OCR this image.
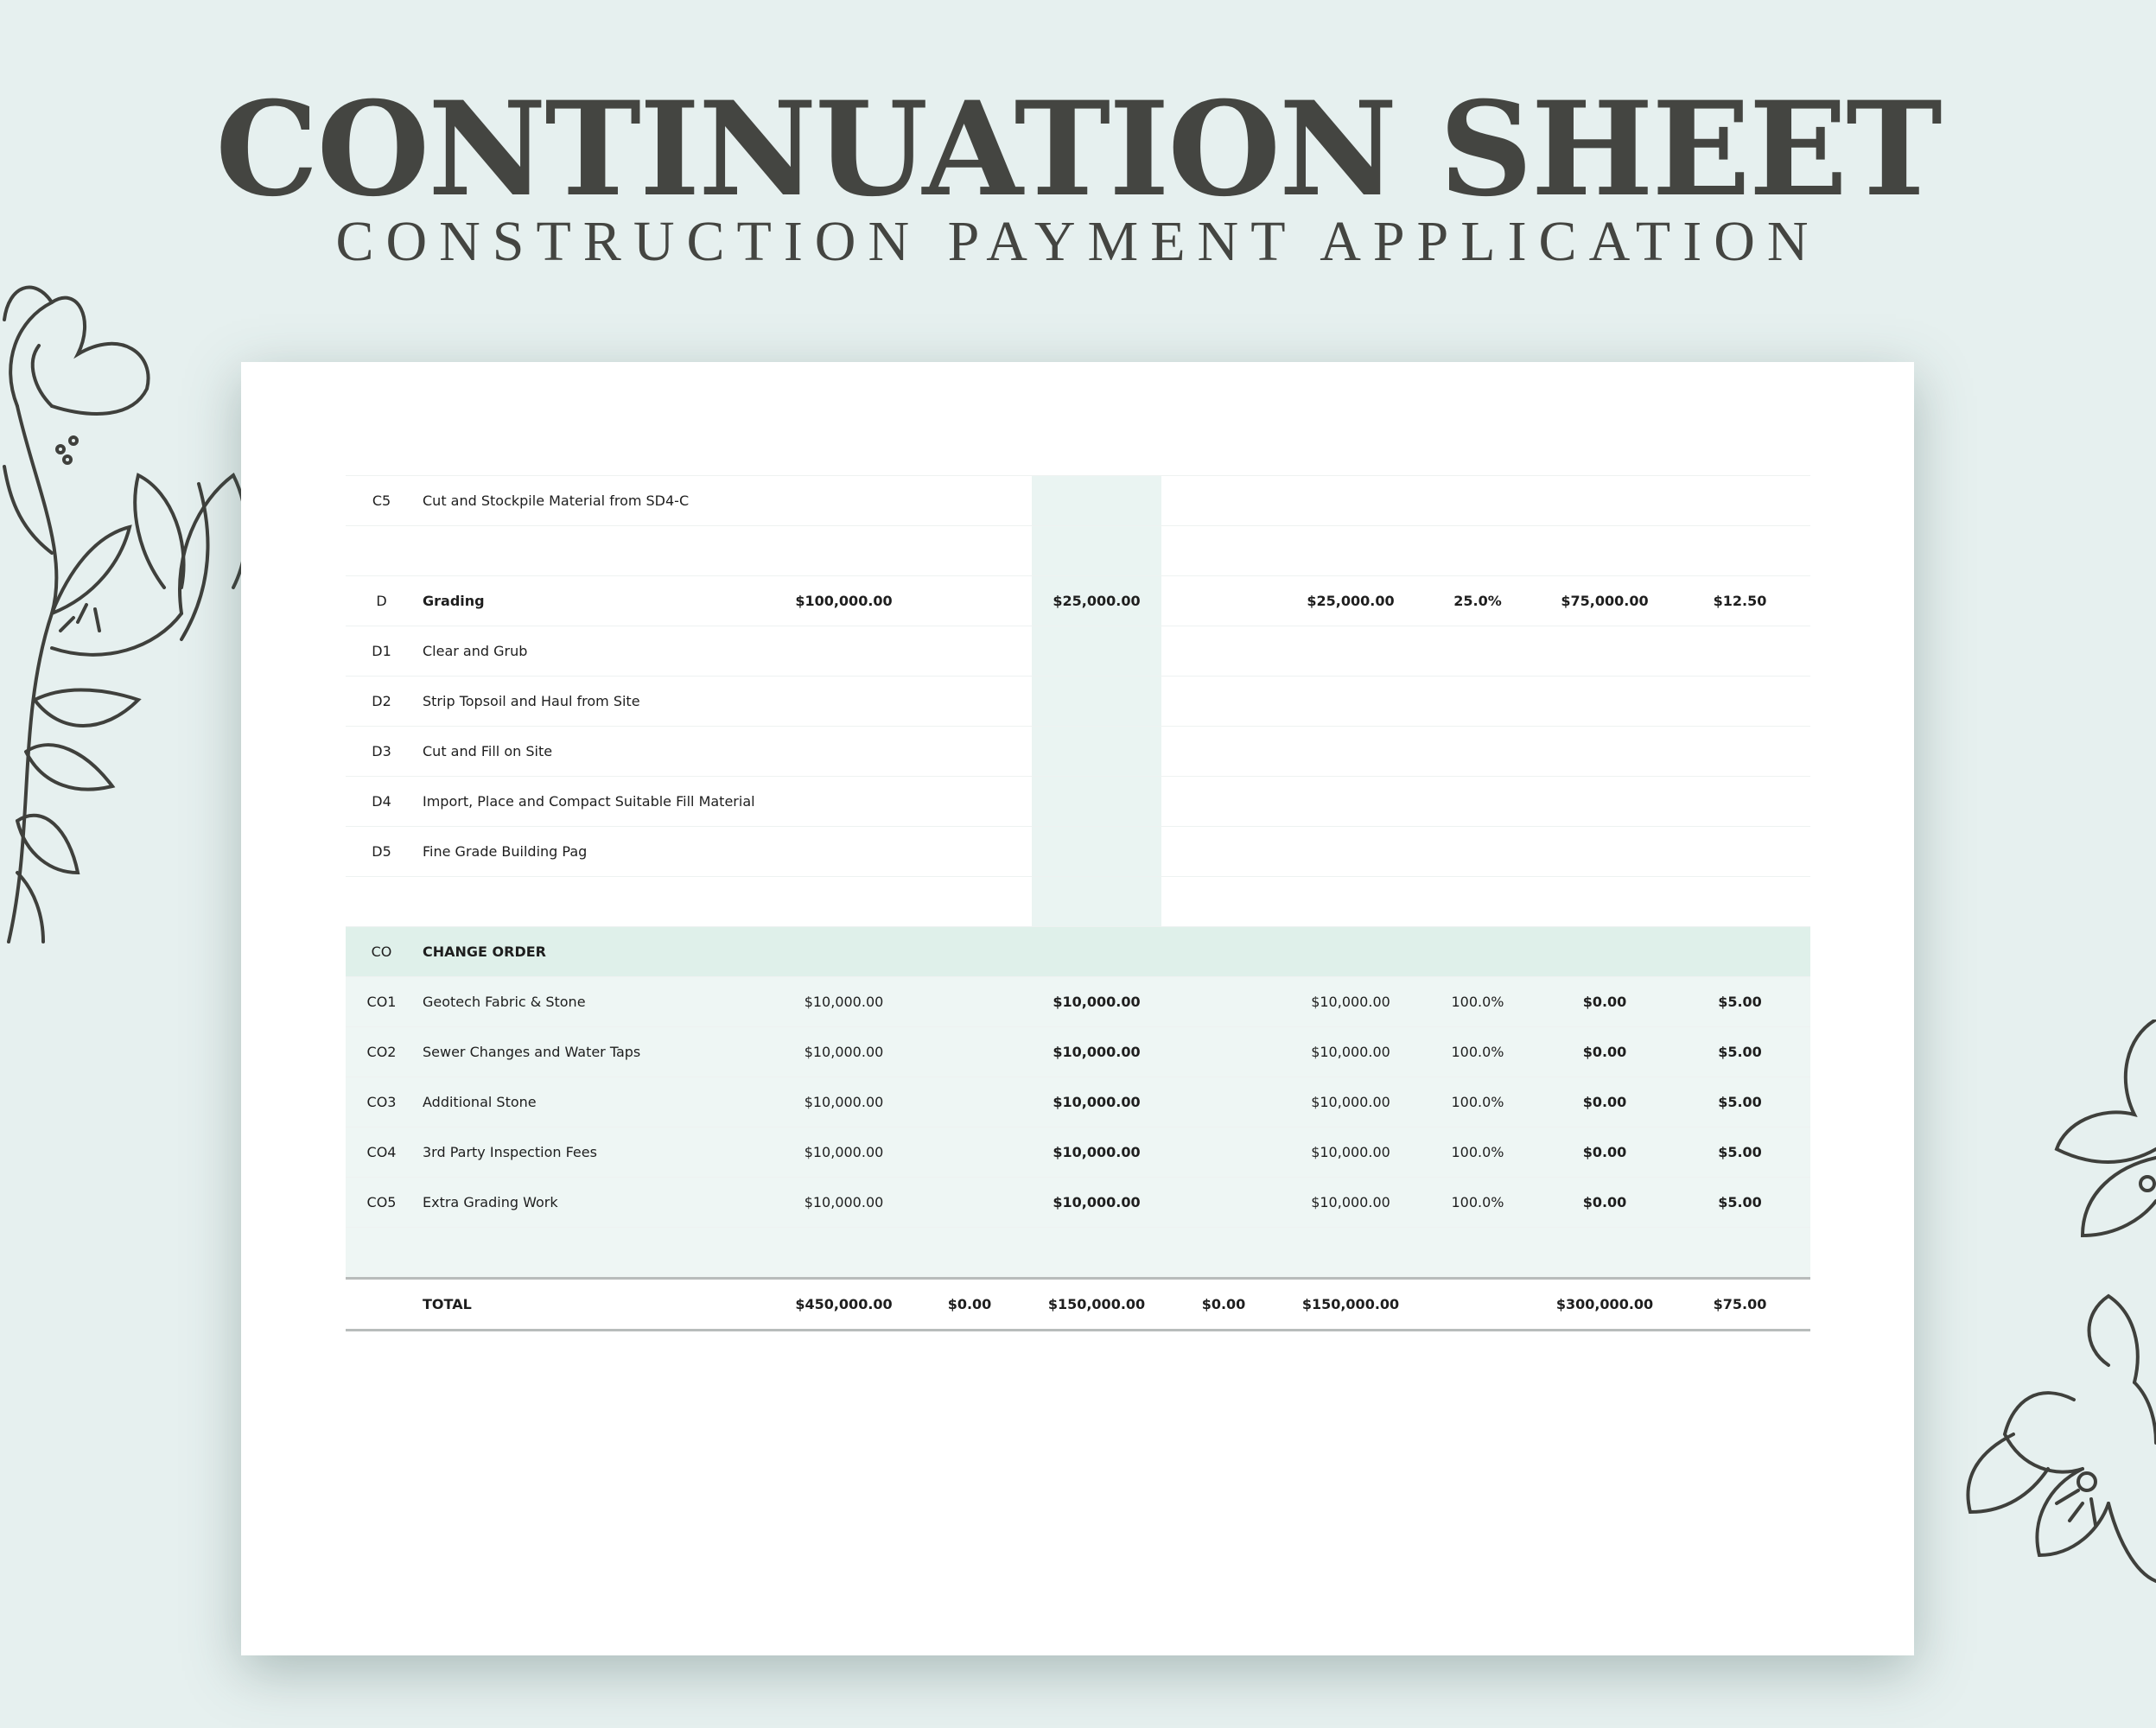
CONTINUATION SHEET
CONSTRUCTION PAYMENT APPLICATION
C5	Cut and Stockpile Material from SD4-C								

D	Grading	$100,000.00		$25,000.00		$25,000.00	25.0%	$75,000.00	$12.50
D1	Clear and Grub								
D2	Strip Topsoil and Haul from Site								
D3	Cut and Fill on Site								
D4	Import, Place and Compact Suitable Fill Material								
D5	Fine Grade Building Pag								

CO	CHANGE ORDER								
CO1	Geotech Fabric & Stone	$10,000.00		$10,000.00		$10,000.00	100.0%	$0.00	$5.00
CO2	Sewer Changes and Water Taps	$10,000.00		$10,000.00		$10,000.00	100.0%	$0.00	$5.00
CO3	Additional Stone	$10,000.00		$10,000.00		$10,000.00	100.0%	$0.00	$5.00
CO4	3rd Party Inspection Fees	$10,000.00		$10,000.00		$10,000.00	100.0%	$0.00	$5.00
CO5	Extra Grading Work	$10,000.00		$10,000.00		$10,000.00	100.0%	$0.00	$5.00

	TOTAL	$450,000.00	$0.00	$150,000.00	$0.00	$150,000.00		$300,000.00	$75.00
